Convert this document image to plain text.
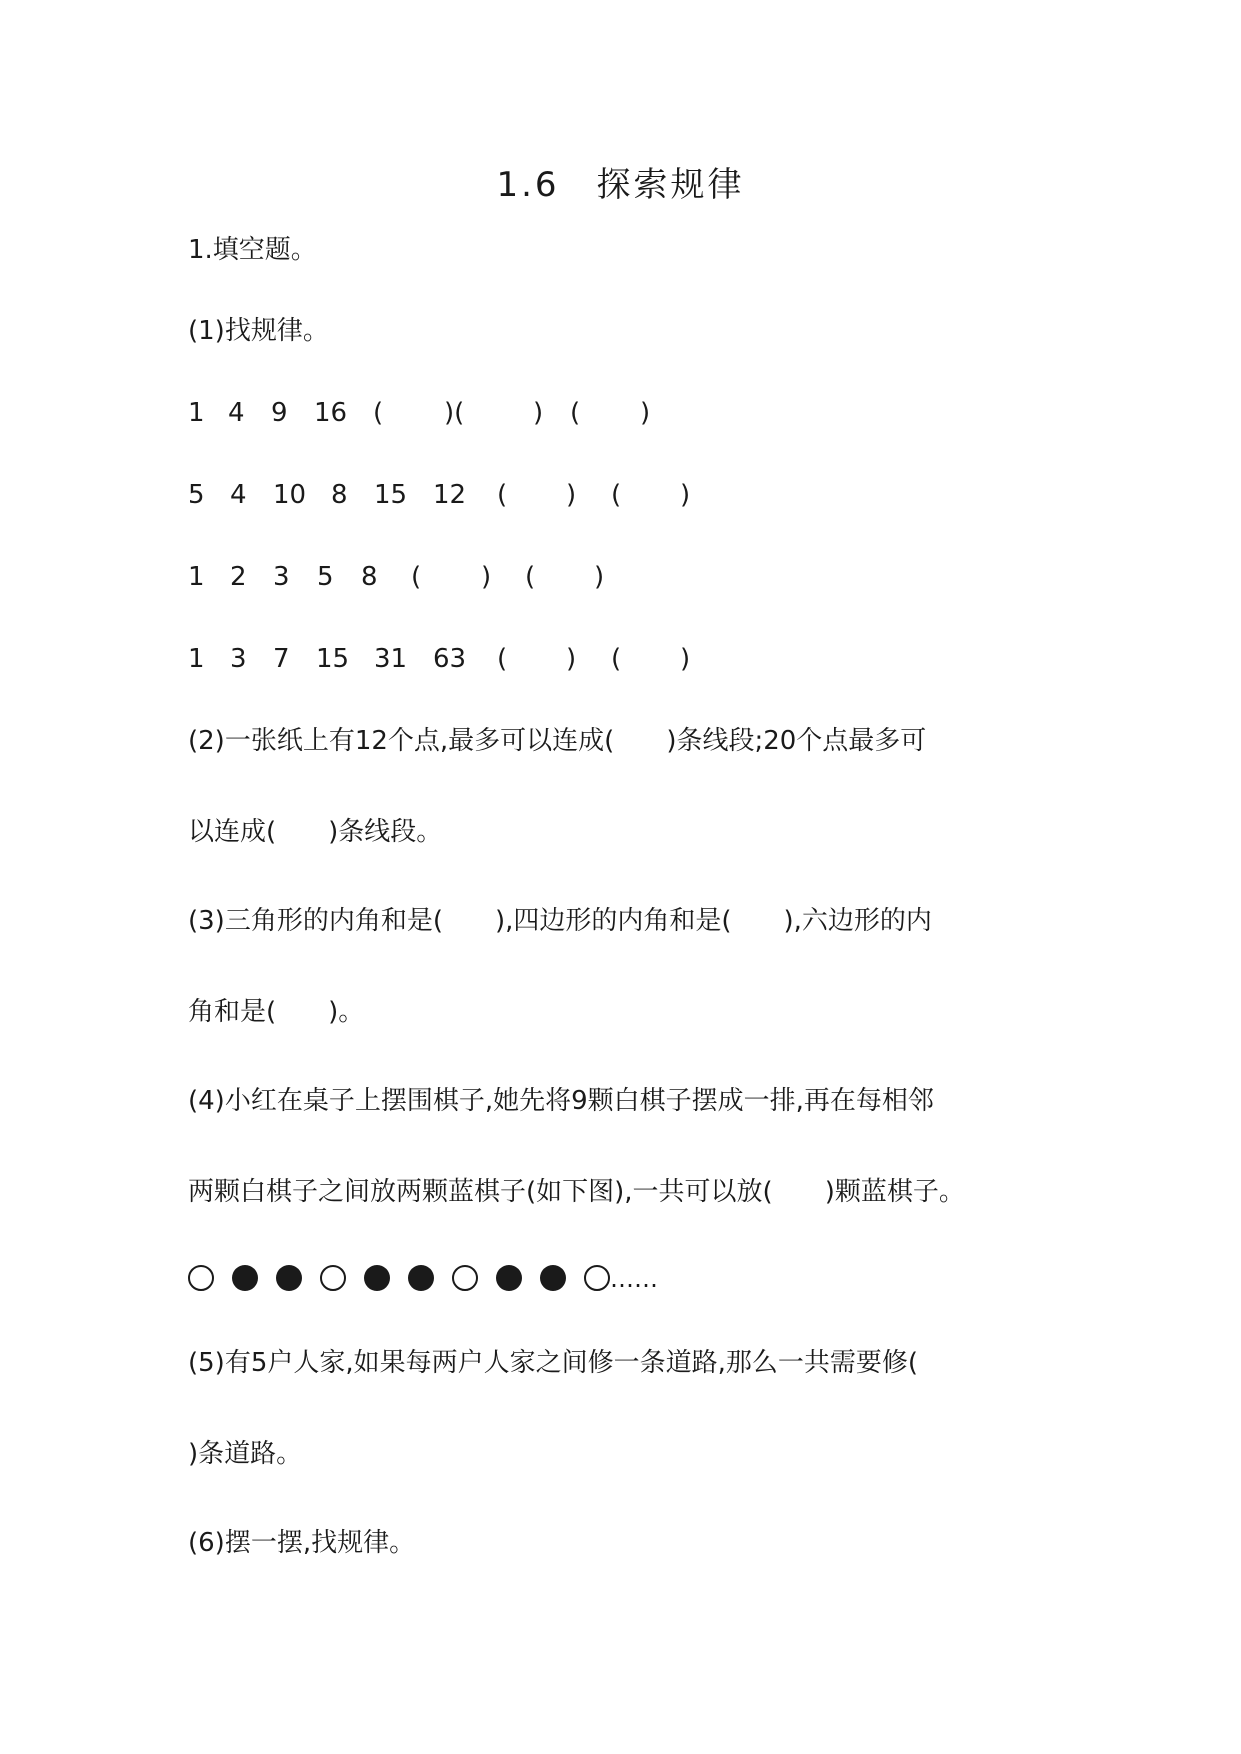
1.6　探索规律
1.填空题。
(1)找规律。
1 4 9 16 ( )(	) ( )
5 4 10 8 15 12 ( ) ( )
1 2 3 5 8 ( ) ( )
1 3 7 15 31 63 ( ) ( )
(2)一张纸上有12个点,最多可以连成(　　)条线段;20个点最多可
以连成(　　)条线段。
(3)三角形的内角和是(　　),四边形的内角和是(　　),六边形的内
角和是(　　)。
(4)小红在桌子上摆围棋子,她先将9颗白棋子摆成一排,再在每相邻
两颗白棋子之间放两颗蓝棋子(如下图),一共可以放(　　)颗蓝棋子。
……
(5)有5户人家,如果每两户人家之间修一条道路,那么一共需要修(
)条道路。
(6)摆一摆,找规律。
